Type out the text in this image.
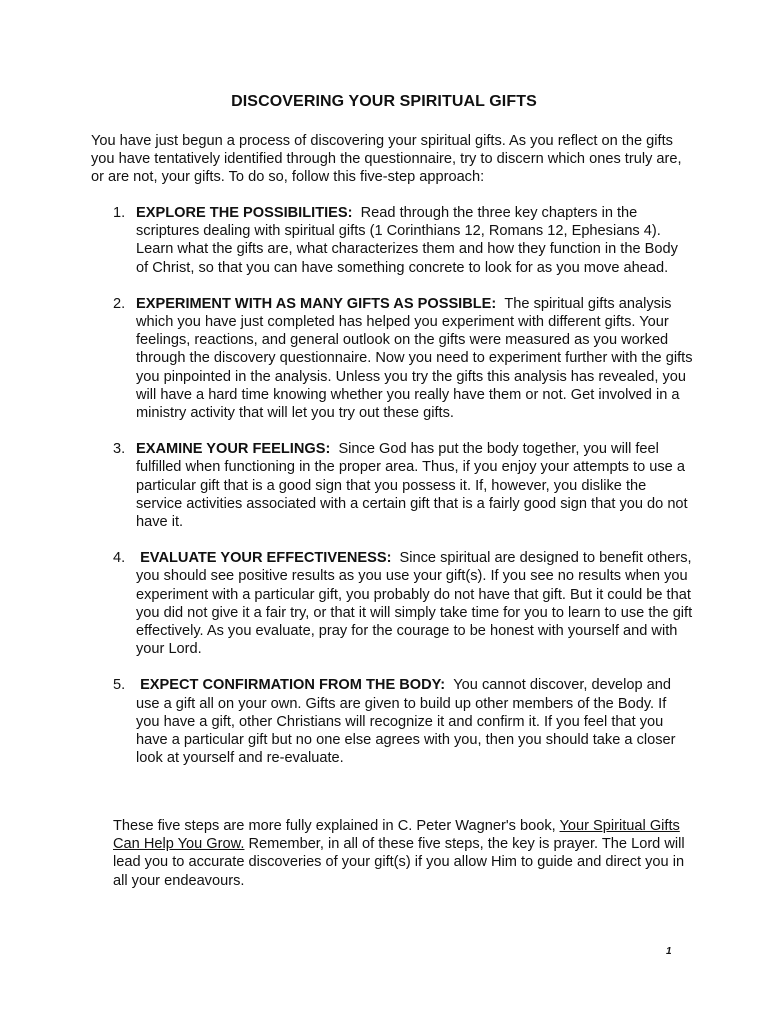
DISCOVERING YOUR SPIRITUAL GIFTS

You have just begun a process of discovering your spiritual gifts. As you reflect on the gifts you have tentatively identified through the questionnaire, try to discern which ones truly are, or are not, your gifts. To do so, follow this five-step approach:

1. EXPLORE THE POSSIBILITIES: Read through the three key chapters in the scriptures dealing with spiritual gifts (1 Corinthians 12, Romans 12, Ephesians 4). Learn what the gifts are, what characterizes them and how they function in the Body of Christ, so that you can have something concrete to look for as you move ahead.
2. EXPERIMENT WITH AS MANY GIFTS AS POSSIBLE: The spiritual gifts analysis which you have just completed has helped you experiment with different gifts. Your feelings, reactions, and general outlook on the gifts were measured as you worked through the discovery questionnaire. Now you need to experiment further with the gifts you pinpointed in the analysis. Unless you try the gifts this analysis has revealed, you will have a hard time knowing whether you really have them or not. Get involved in a ministry activity that will let you try out these gifts.
3. EXAMINE YOUR FEELINGS: Since God has put the body together, you will feel fulfilled when functioning in the proper area. Thus, if you enjoy your attempts to use a particular gift that is a good sign that you possess it. If, however, you dislike the service activities associated with a certain gift that is a fairly good sign that you do not have it.
4. EVALUATE YOUR EFFECTIVENESS: Since spiritual are designed to benefit others, you should see positive results as you use your gift(s). If you see no results when you experiment with a particular gift, you probably do not have that gift. But it could be that you did not give it a fair try, or that it will simply take time for you to learn to use the gift effectively. As you evaluate, pray for the courage to be honest with yourself and with your Lord.
5. EXPECT CONFIRMATION FROM THE BODY: You cannot discover, develop and use a gift all on your own. Gifts are given to build up other members of the Body. If you have a gift, other Christians will recognize it and confirm it. If you feel that you have a particular gift but no one else agrees with you, then you should take a closer look at yourself and re-evaluate.

These five steps are more fully explained in C. Peter Wagner's book, Your Spiritual Gifts Can Help You Grow. Remember, in all of these five steps, the key is prayer. The Lord will lead you to accurate discoveries of your gift(s) if you allow Him to guide and direct you in all your endeavours.

1
